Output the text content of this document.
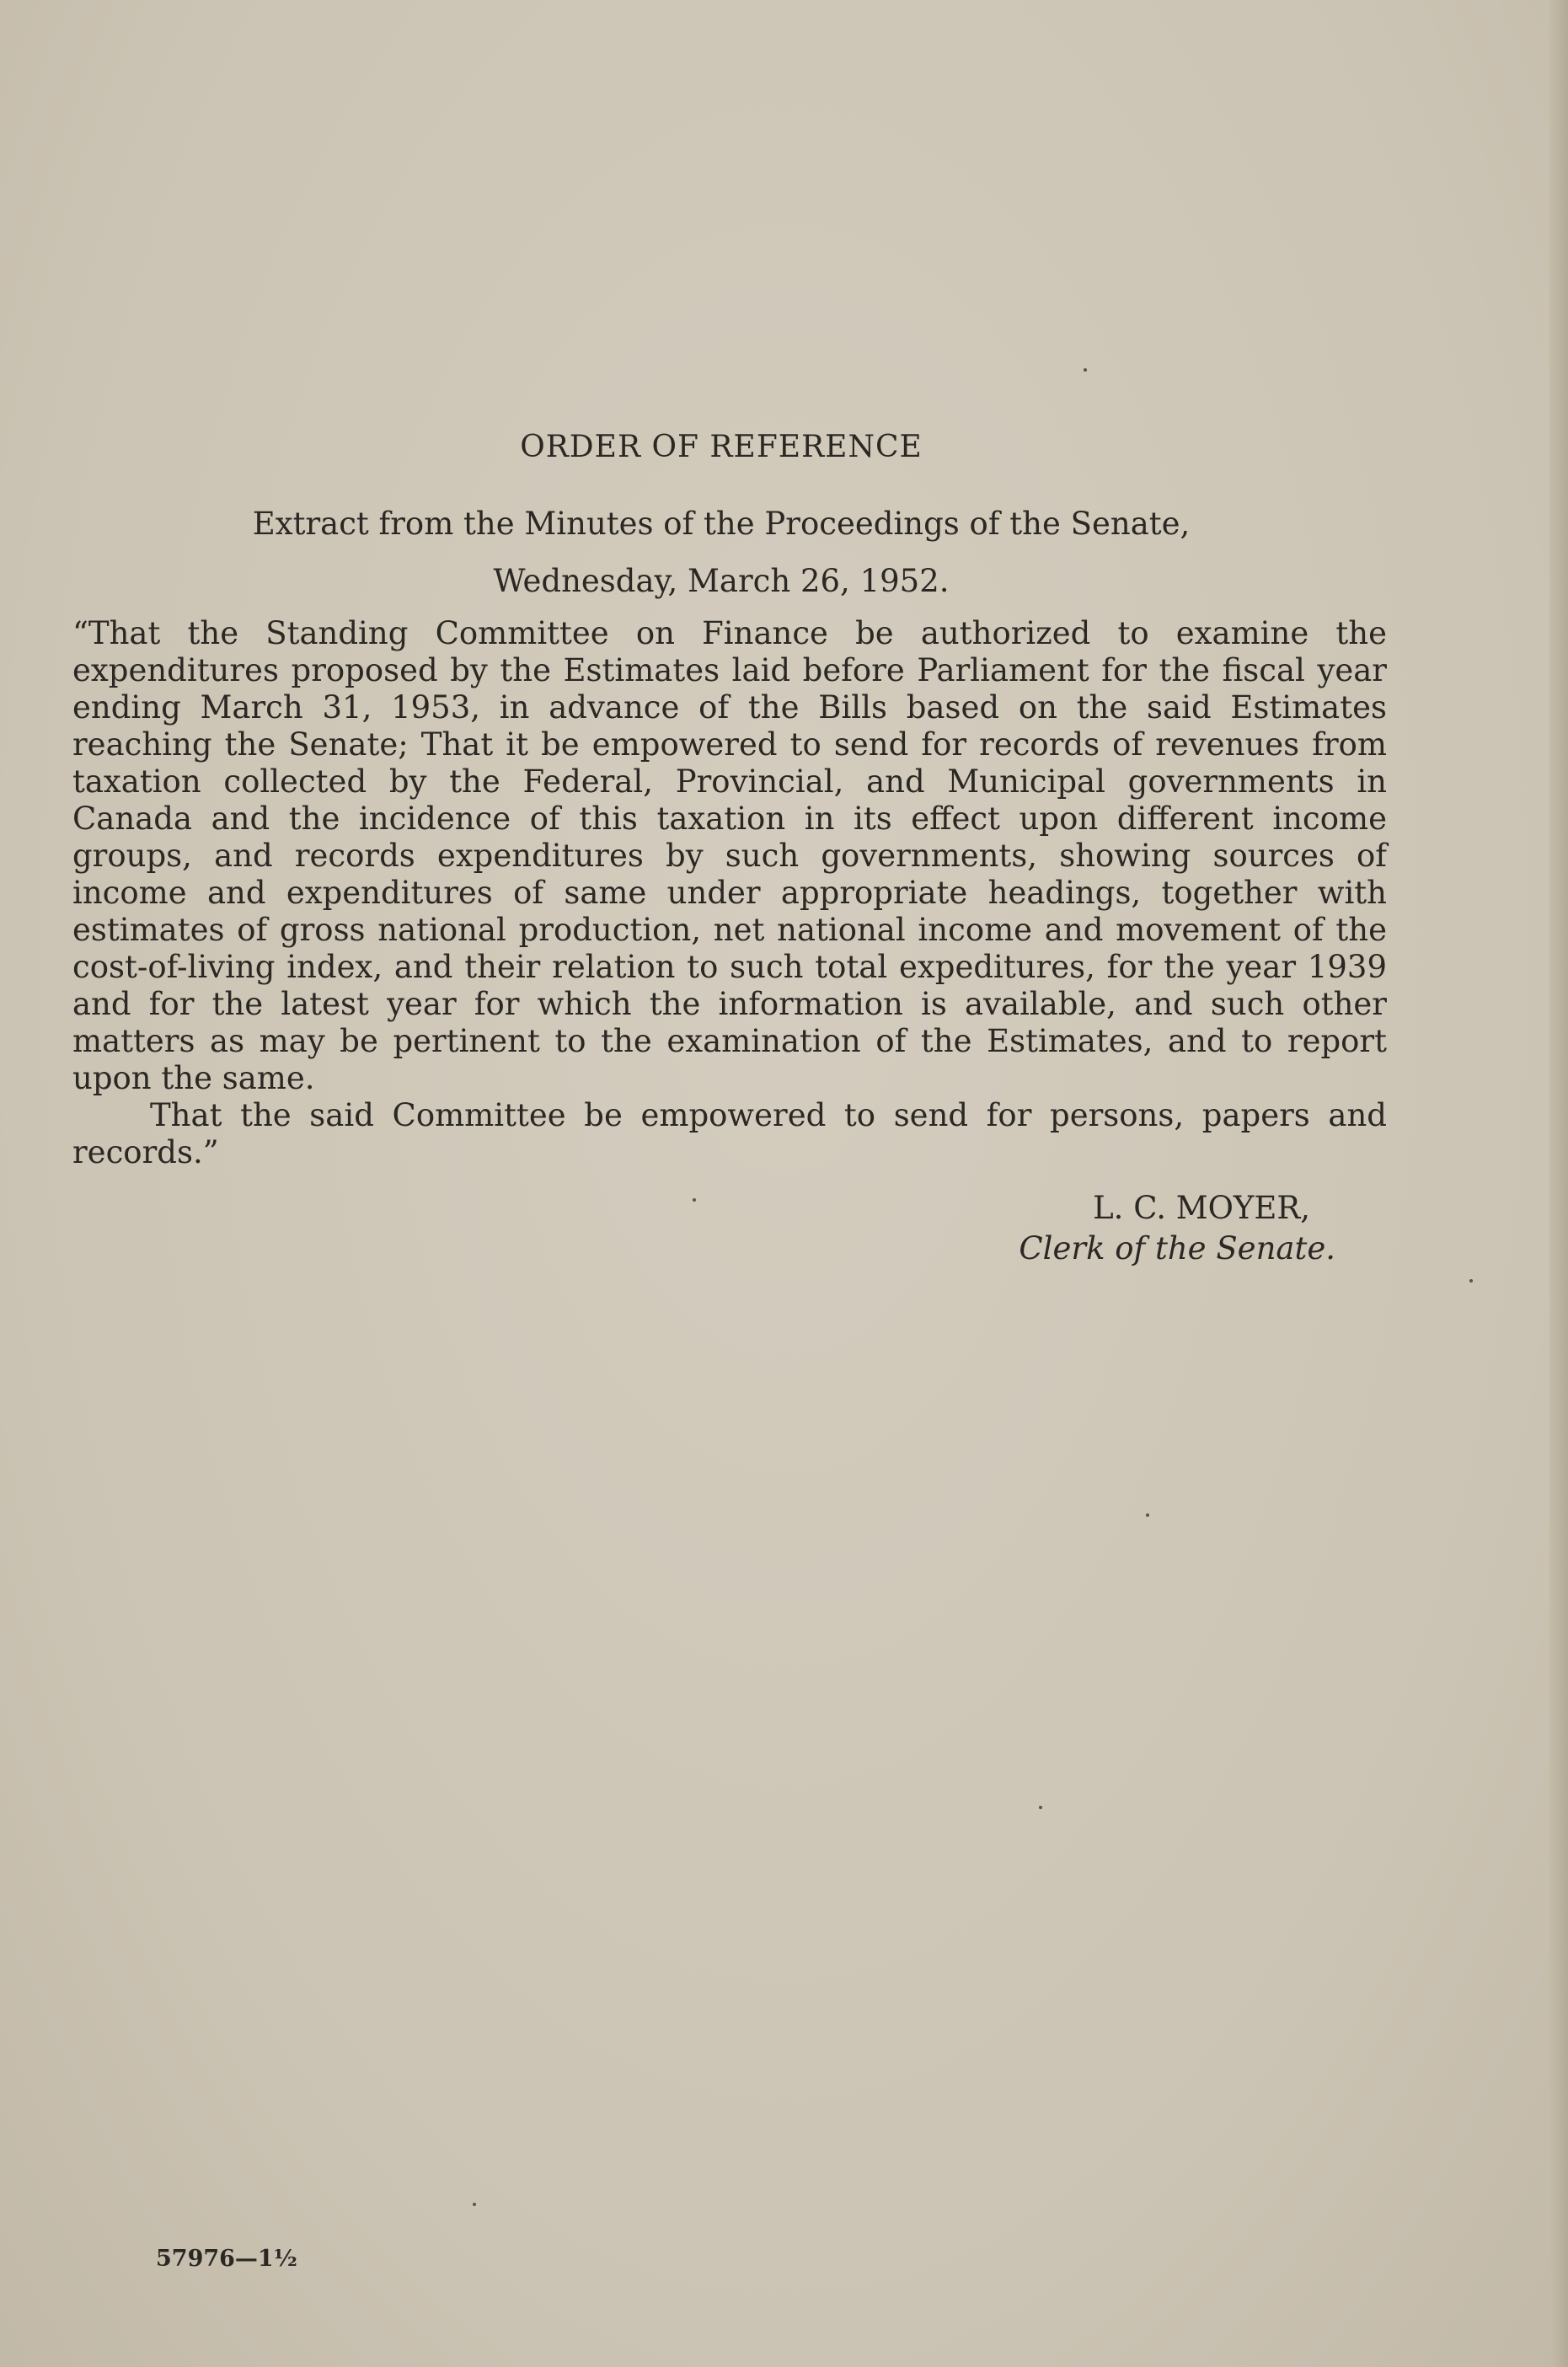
ORDER OF REFERENCE
Extract from the Minutes of the Proceedings of the Senate,
Wednesday, March 26, 1952.

“That the Standing Committee on Finance be authorized to examine the expenditures proposed by the Estimates laid before Parliament for the fiscal year ending March 31, 1953, in advance of the Bills based on the said Estimates reaching the Senate; That it be empowered to send for records of revenues from taxation collected by the Federal, Provincial, and Municipal governments in Canada and the incidence of this taxation in its effect upon different income groups, and records expenditures by such governments, showing sources of income and expenditures of same under appropriate headings, together with estimates of gross national production, net national income and movement of the cost-of-living index, and their relation to such total expeditures, for the year 1939 and for the latest year for which the information is available, and such other matters as may be pertinent to the examination of the Estimates, and to report upon the same.

That the said Committee be empowered to send for persons, papers and records.”

L. C. MOYER,
Clerk of the Senate.
57976—1½
